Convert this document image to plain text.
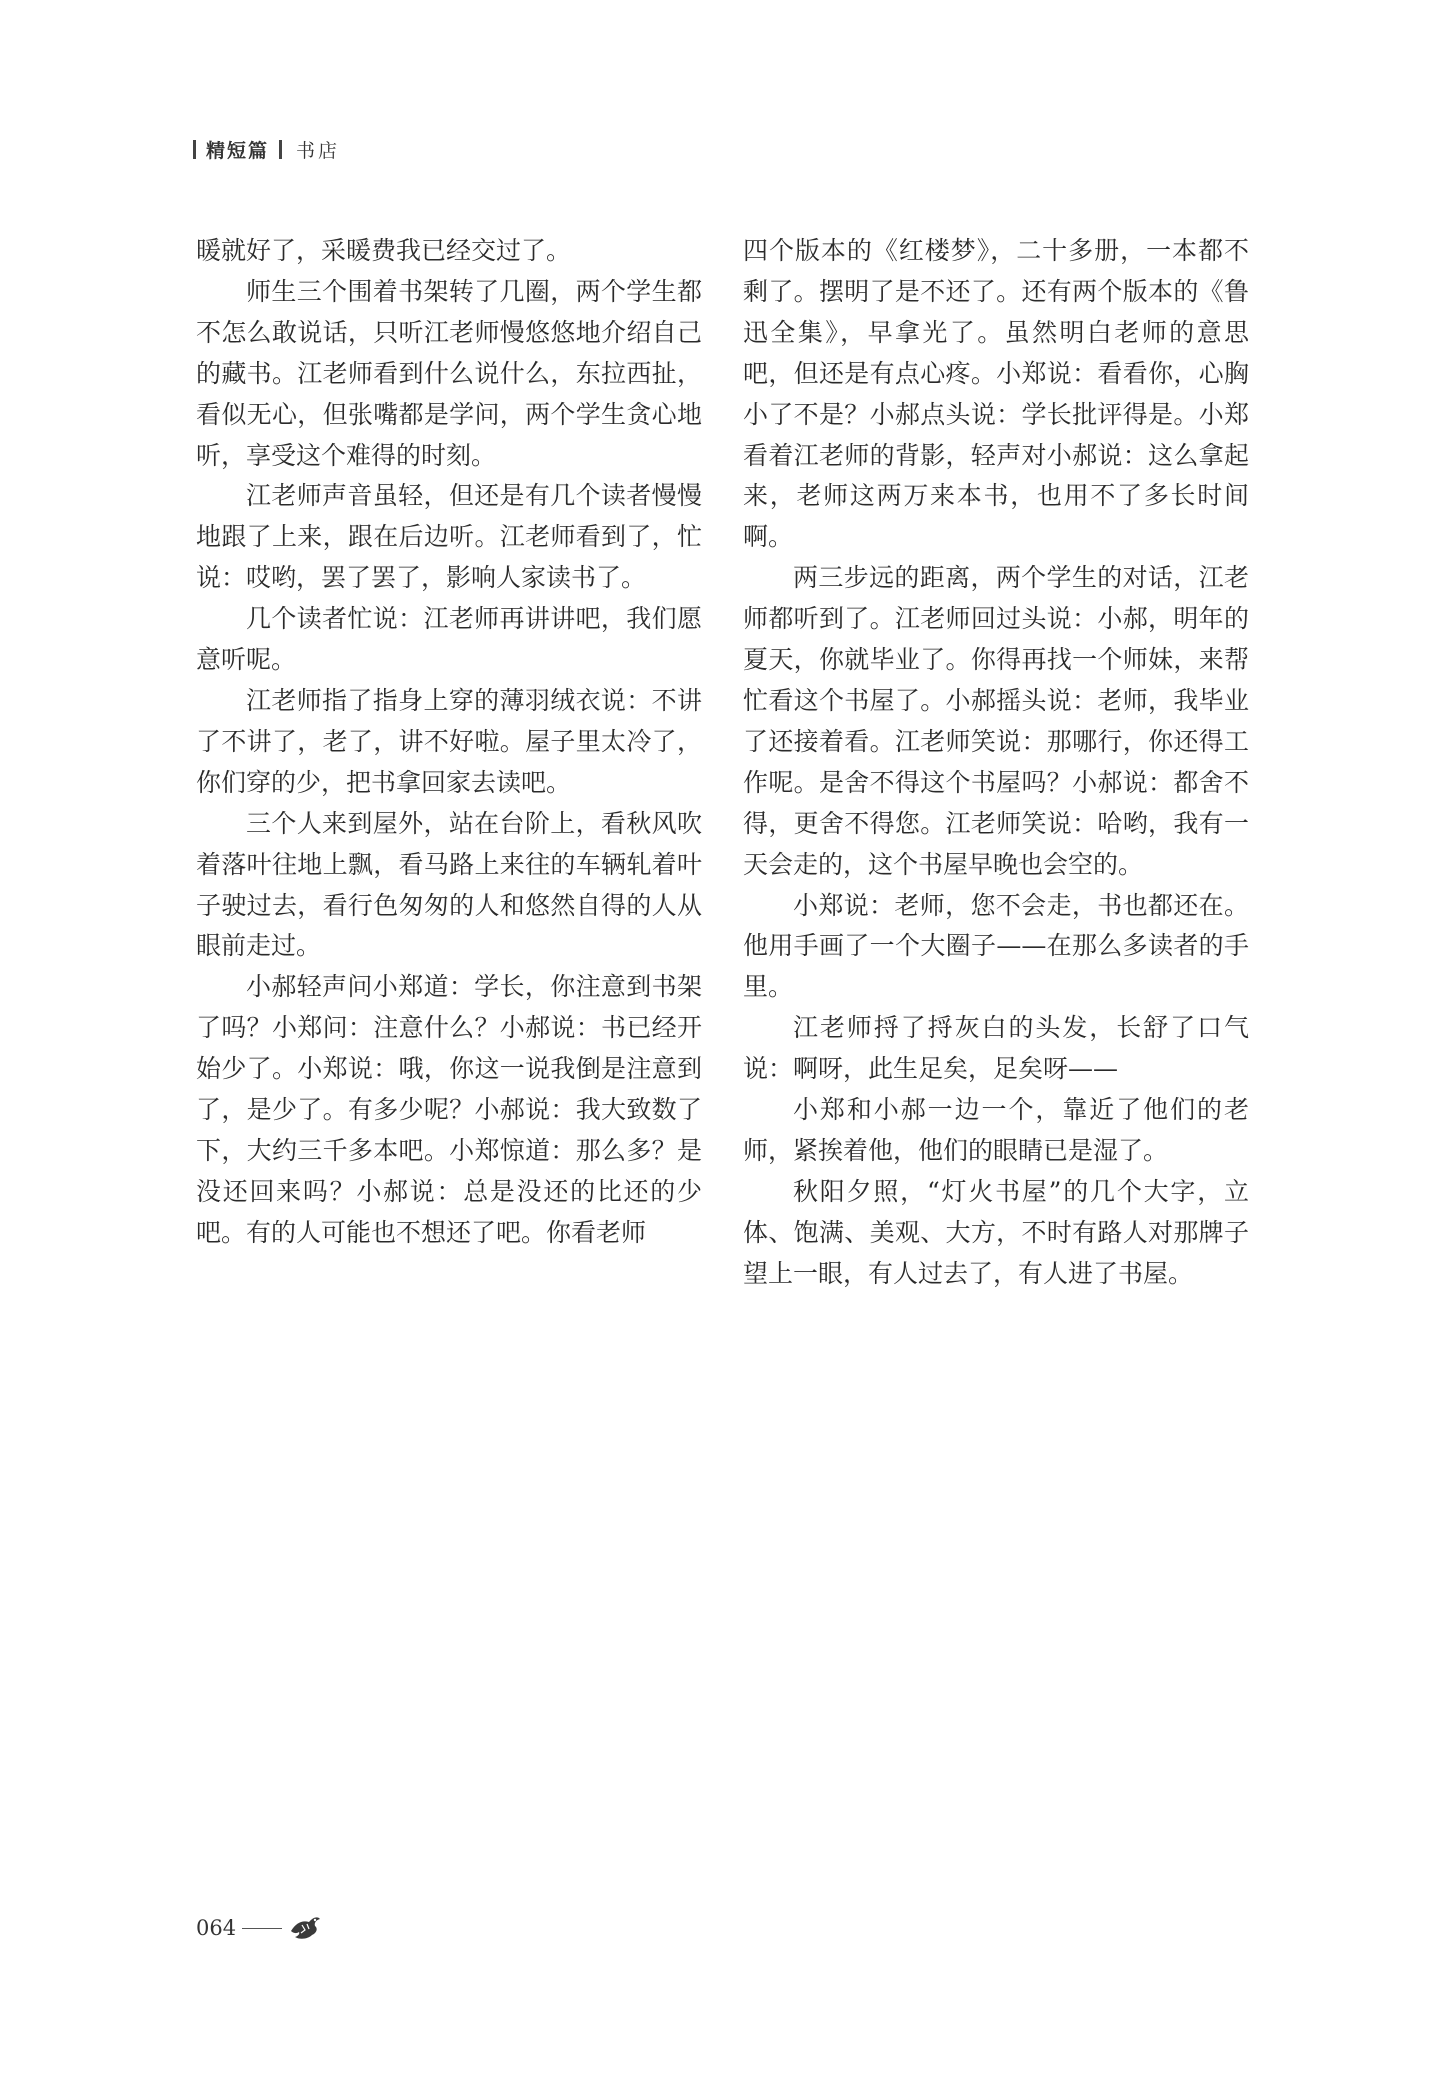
精短篇 书店

暖就好了，采暖费我已经交过了。

师生三个围着书架转了几圈，两个学生都不怎么敢说话，只听江老师慢悠悠地介绍自己的藏书。江老师看到什么说什么，东拉西扯，看似无心，但张嘴都是学问，两个学生贪心地听，享受这个难得的时刻。

江老师声音虽轻，但还是有几个读者慢慢地跟了上来，跟在后边听。江老师看到了，忙说：哎哟，罢了罢了，影响人家读书了。

几个读者忙说：江老师再讲讲吧，我们愿意听呢。

江老师指了指身上穿的薄羽绒衣说：不讲了不讲了，老了，讲不好啦。屋子里太冷了，你们穿的少，把书拿回家去读吧。

三个人来到屋外，站在台阶上，看秋风吹着落叶往地上飘，看马路上来往的车辆轧着叶子驶过去，看行色匆匆的人和悠然自得的人从眼前走过。

小郝轻声问小郑道：学长，你注意到书架了吗？小郑问：注意什么？小郝说：书已经开始少了。小郑说：哦，你这一说我倒是注意到了，是少了。有多少呢？小郝说：我大致数了下，大约三千多本吧。小郑惊道：那么多？是没还回来吗？小郝说：总是没还的比还的少吧。有的人可能也不想还了吧。你看老师

四个版本的《红楼梦》，二十多册，一本都不剩了。摆明了是不还了。还有两个版本的《鲁迅全集》，早拿光了。虽然明白老师的意思吧，但还是有点心疼。小郑说：看看你，心胸小了不是？小郝点头说：学长批评得是。小郑看着江老师的背影，轻声对小郝说：这么拿起来，老师这两万来本书，也用不了多长时间啊。

两三步远的距离，两个学生的对话，江老师都听到了。江老师回过头说：小郝，明年的夏天，你就毕业了。你得再找一个师妹，来帮忙看这个书屋了。小郝摇头说：老师，我毕业了还接着看。江老师笑说：那哪行，你还得工作呢。是舍不得这个书屋吗？小郝说：都舍不得，更舍不得您。江老师笑说：哈哟，我有一天会走的，这个书屋早晚也会空的。

小郑说：老师，您不会走，书也都还在。他用手画了一个大圈子——在那么多读者的手里。

江老师捋了捋灰白的头发，长舒了口气说：啊呀，此生足矣，足矣呀——

小郑和小郝一边一个，靠近了他们的老师，紧挨着他，他们的眼睛已是湿了。

秋阳夕照，“灯火书屋”的几个大字，立体、饱满、美观、大方，不时有路人对那牌子望上一眼，有人过去了，有人进了书屋。

064
